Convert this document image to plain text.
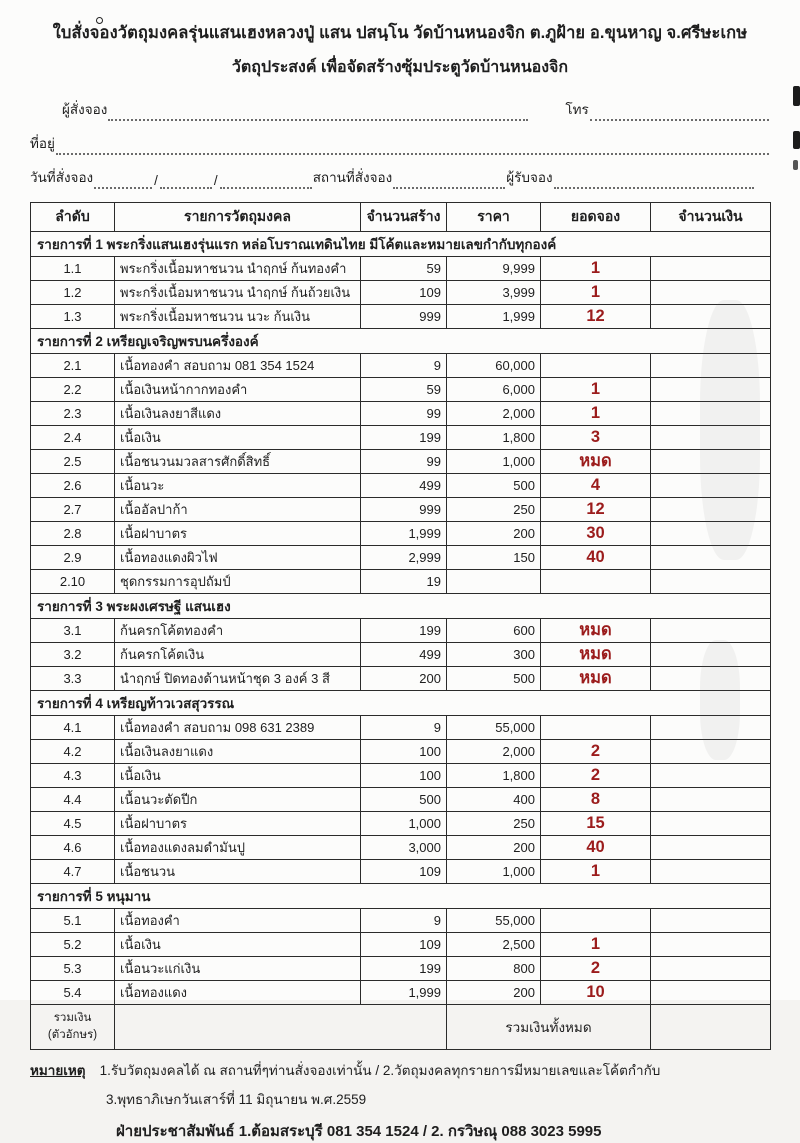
ใบสั่งจองวัตถุมงคลรุ่นแสนเฮงหลวงปู่ แสน ปสนฺโน วัดบ้านหนองจิก ต.ภูฝ้าย อ.ขุนหาญ จ.ศรีษะเกษ
วัตถุประสงค์ เพื่อจัดสร้างซุ้มประตูวัดบ้านหนองจิก
ผู้สั่งจอง	โทร
ที่อยู่
วันที่สั่งจอง	/	/	สถานที่สั่งจอง	ผู้รับจอง
ลำดับ	รายการวัตถุมงคล	จำนวนสร้าง	ราคา	ยอดจอง	จำนวนเงิน
รายการที่ 1 พระกริ่งแสนเฮงรุ่นแรก หล่อโบราณเทดินไทย มีโค้ตและหมายเลขกำกับทุกองค์					
1.1	พระกริ่งเนื้อมหาชนวน นำฤกษ์ ก้นทองคำ	59	9,999	1	
1.2	พระกริ่งเนื้อมหาชนวน นำฤกษ์ ก้นถ้วยเงิน	109	3,999	1	
1.3	พระกริ่งเนื้อมหาชนวน นวะ ก้นเงิน	999	1,999	12	
รายการที่ 2 เหรียญเจริญพรบนครึ่งองค์					
2.1	เนื้อทองคำ สอบถาม 081 354 1524	9	60,000		
2.2	เนื้อเงินหน้ากากทองคำ	59	6,000	1	
2.3	เนื้อเงินลงยาสีแดง	99	2,000	1	
2.4	เนื้อเงิน	199	1,800	3	
2.5	เนื้อชนวนมวลสารศักดิ์สิทธิ์	99	1,000	หมด	
2.6	เนื้อนวะ	499	500	4	
2.7	เนื้ออัลปาก้า	999	250	12	
2.8	เนื้อฝาบาตร	1,999	200	30	
2.9	เนื้อทองแดงผิวไฟ	2,999	150	40	
2.10	ชุดกรรมการอุปถัมป์	19			
รายการที่ 3 พระผงเศรษฐี แสนเฮง					
3.1	ก้นครกโค้ตทองคำ	199	600	หมด	
3.2	ก้นครกโค้ตเงิน	499	300	หมด	
3.3	นำฤกษ์ ปิดทองด้านหน้าชุด 3 องค์ 3 สี	200	500	หมด	
รายการที่ 4 เหรียญท้าวเวสสุวรรณ					
4.1	เนื้อทองคำ สอบถาม 098 631 2389	9	55,000		
4.2	เนื้อเงินลงยาแดง	100	2,000	2	
4.3	เนื้อเงิน	100	1,800	2	
4.4	เนื้อนวะตัดปีก	500	400	8	
4.5	เนื้อฝาบาตร	1,000	250	15	
4.6	เนื้อทองแดงลมดำมันปู	3,000	200	40	
4.7	เนื้อชนวน	109	1,000	1	
รายการที่ 5 หนุมาน					
5.1	เนื้อทองคำ	9	55,000		
5.2	เนื้อเงิน	109	2,500	1	
5.3	เนื้อนวะแก่เงิน	199	800	2	
5.4	เนื้อทองแดง	1,999	200	10	

รวมเงิน
(ตัวอักษร)			รวมเงินทั้งหมด		
หมายเหตุ 1.รับวัตถุมงคลได้ ณ สถานที่ๆท่านสั่งจองเท่านั้น / 2.วัตถุมงคลทุกรายการมีหมายเลขและโค้ตกำกับ
3.พุทธาภิเษกวันเสาร์ที่ 11 มิถุนายน พ.ศ.2559
ฝ่ายประชาสัมพันธ์ 1.ต้อมสระบุรี 081 354 1524 / 2. กรวิษณุ 088 3023 5995
